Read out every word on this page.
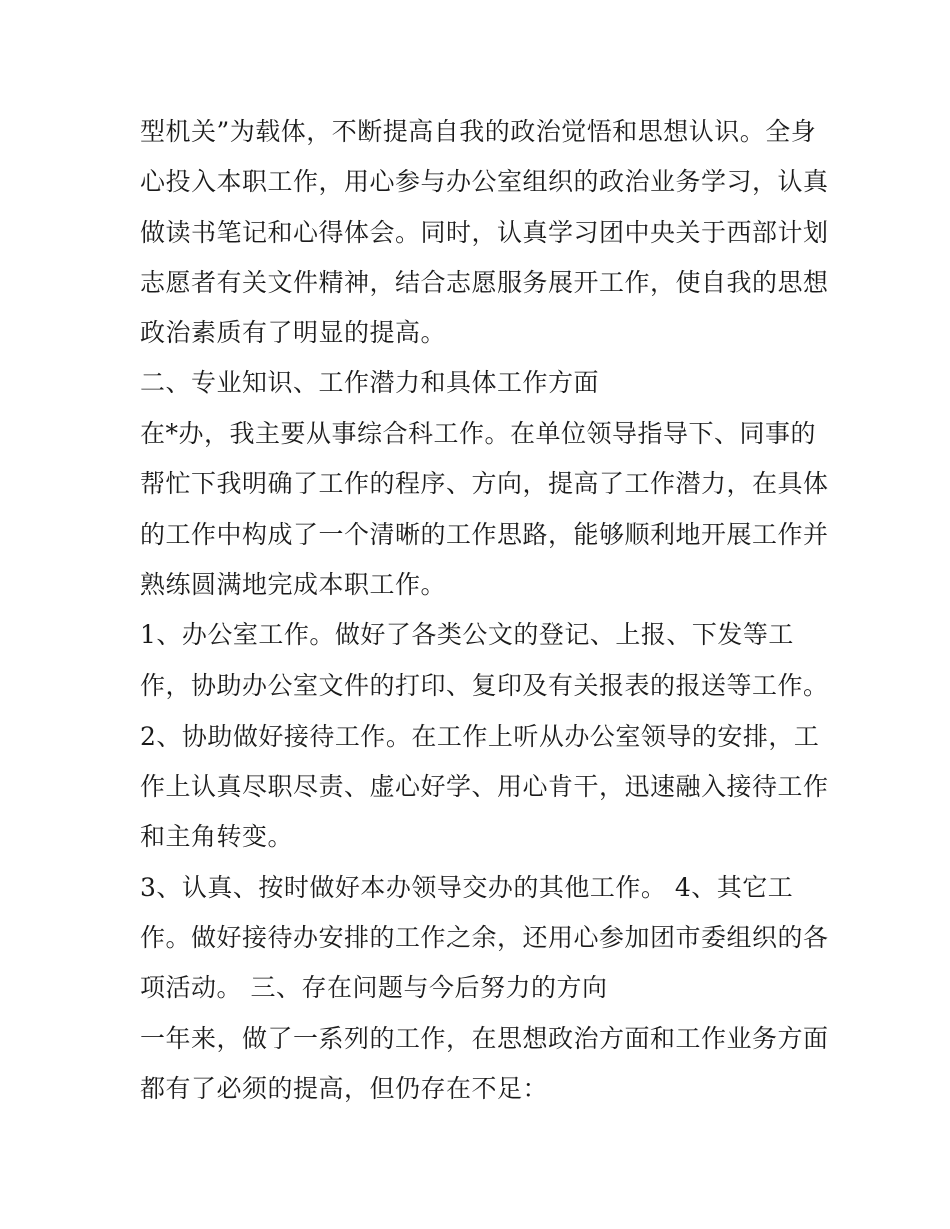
型机关”为载体，不断提高自我的政治觉悟和思想认识。全身
心投入本职工作，用心参与办公室组织的政治业务学习，认真
做读书笔记和心得体会。同时，认真学习团中央关于西部计划
志愿者有关文件精神，结合志愿服务展开工作，使自我的思想
政治素质有了明显的提高。
二、专业知识、工作潜力和具体工作方面
在*办，我主要从事综合科工作。在单位领导指导下、同事的
帮忙下我明确了工作的程序、方向，提高了工作潜力，在具体
的工作中构成了一个清晰的工作思路，能够顺利地开展工作并
熟练圆满地完成本职工作。
1、办公室工作。做好了各类公文的登记、上报、下发等工
作，协助办公室文件的打印、复印及有关报表的报送等工作。
2、协助做好接待工作。在工作上听从办公室领导的安排，工
作上认真尽职尽责、虚心好学、用心肯干，迅速融入接待工作
和主角转变。
3、认真、按时做好本办领导交办的其他工作。 4、其它工
作。做好接待办安排的工作之余，还用心参加团市委组织的各
项活动。 三、存在问题与今后努力的方向
一年来，做了一系列的工作，在思想政治方面和工作业务方面
都有了必须的提高，但仍存在不足：
